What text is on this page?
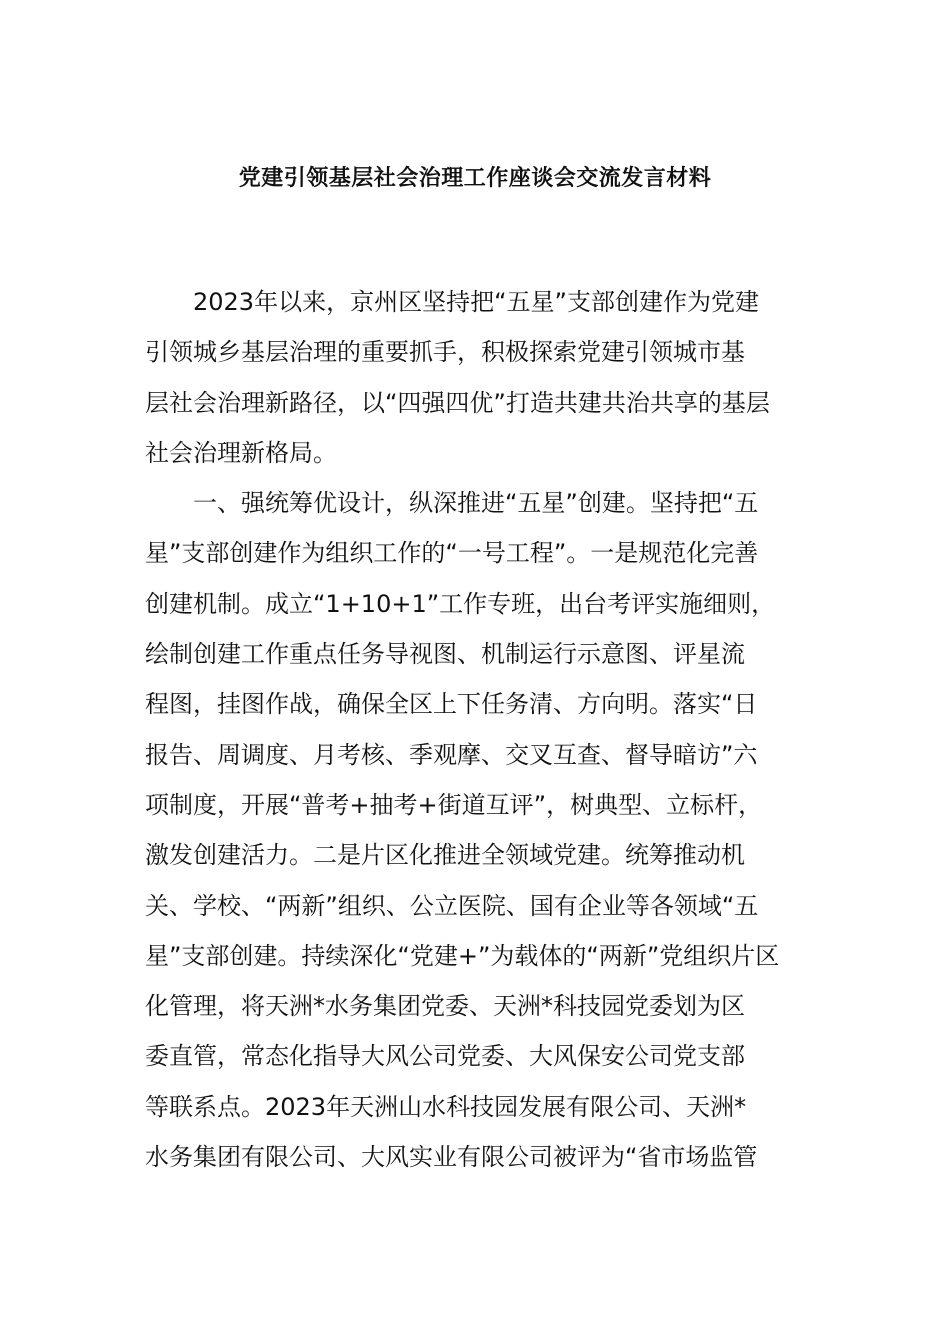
党建引领基层社会治理工作座谈会交流发言材料
2023年以来，京州区坚持把“五星”支部创建作为党建
引领城乡基层治理的重要抓手，积极探索党建引领城市基
层社会治理新路径，以“四强四优”打造共建共治共享的基层
社会治理新格局。
一、强统筹优设计，纵深推进“五星”创建。坚持把“五
星”支部创建作为组织工作的“一号工程”。一是规范化完善
创建机制。成立“1+10+1”工作专班，出台考评实施细则，
绘制创建工作重点任务导视图、机制运行示意图、评星流
程图，挂图作战，确保全区上下任务清、方向明。落实“日
报告、周调度、月考核、季观摩、交叉互查、督导暗访”六
项制度，开展“普考+抽考+街道互评”，树典型、立标杆，
激发创建活力。二是片区化推进全领域党建。统筹推动机
关、学校、“两新”组织、公立医院、国有企业等各领域“五
星”支部创建。持续深化“党建+”为载体的“两新”党组织片区
化管理，将天洲*水务集团党委、天洲*科技园党委划为区
委直管，常态化指导大风公司党委、大风保安公司党支部
等联系点。2023年天洲山水科技园发展有限公司、天洲*
水务集团有限公司、大风实业有限公司被评为“省市场监管
